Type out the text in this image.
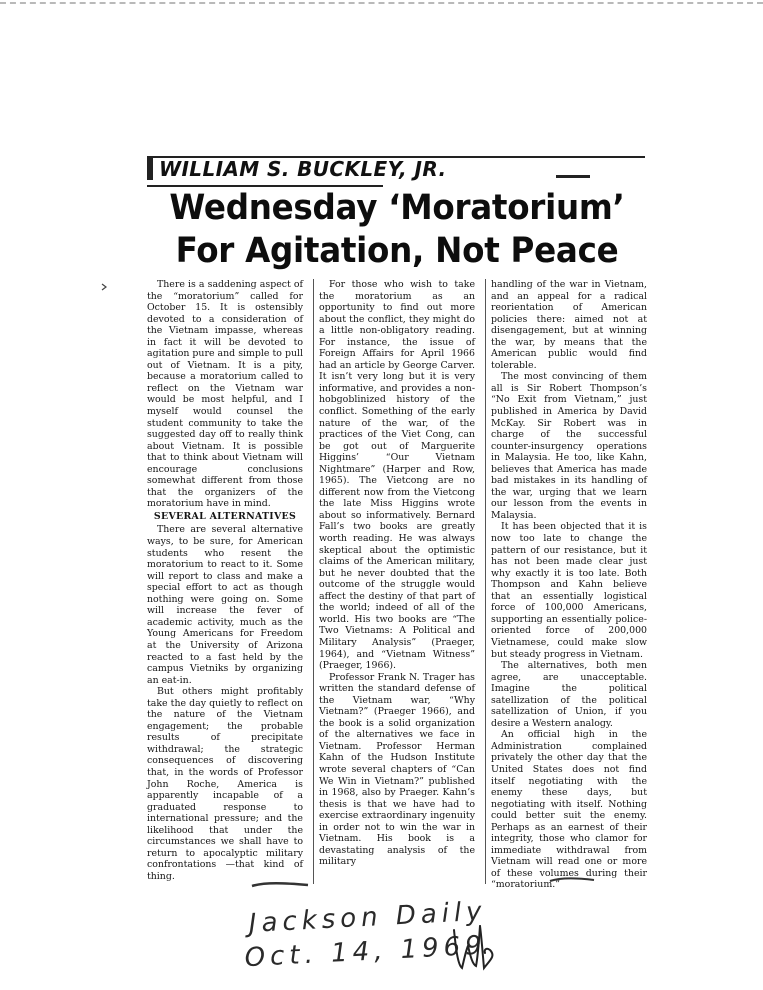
WILLIAM S. BUCKLEY, JR.
Wednesday ‘Moratorium’
For Agitation, Not Peace

There is a saddening aspect of the “moratorium” called for October 15. It is ostensibly devoted to a consideration of the Vietnam impasse, whereas in fact it will be devoted to agitation pure and simple to pull out of Vietnam. It is a pity, because a moratorium called to reflect on the Vietnam war would be most helpful, and I myself would counsel the student community to take the suggested day off to really think about Vietnam. It is possible that to think about Vietnam will encourage conclusions somewhat different from those that the organizers of the moratorium have in mind.

SEVERAL ALTERNATIVES

There are several alternative ways, to be sure, for American students who resent the moratorium to react to it. Some will report to class and make a special effort to act as though nothing were going on. Some will increase the fever of academic activity, much as the Young Americans for Freedom at the University of Arizona reacted to a fast held by the campus Vietniks by organizing an eat-in.

But others might profitably take the day quietly to reflect on the nature of the Vietnam engagement; the probable results of precipitate withdrawal; the strategic consequences of discovering that, in the words of Professor John Roche, America is apparently incapable of a graduated response to international pressure; and the likelihood that under the circumstances we shall have to return to apocalyptic military confrontations —that kind of thing.

For those who wish to take the moratorium as an opportunity to find out more about the conflict, they might do a little non-obligatory reading. For instance, the issue of Foreign Affairs for April 1966 had an article by George Carver. It isn’t very long but it is very informative, and provides a non-hobgoblinized history of the conflict. Something of the early nature of the war, of the practices of the Viet Cong, can be got out of Marguerite Higgins’ “Our Vietnam Nightmare” (Harper and Row, 1965). The Vietcong are no different now from the Vietcong the late Miss Higgins wrote about so informatively. Bernard Fall’s two books are greatly worth reading. He was always skeptical about the optimistic claims of the American military, but he never doubted that the outcome of the struggle would affect the destiny of that part of the world; indeed of all of the world. His two books are “The Two Vietnams: A Political and Military Analysis” (Praeger, 1964), and “Vietnam Witness” (Praeger, 1966).

Professor Frank N. Trager has written the standard defense of the Vietnam war, “Why Vietnam?” (Praeger 1966), and the book is a solid organization of the alternatives we face in Vietnam. Professor Herman Kahn of the Hudson Institute wrote several chapters of “Can We Win in Vietnam?” published in 1968, also by Praeger. Kahn’s thesis is that we have had to exercise extraordinary ingenuity in order not to win the war in Vietnam. His book is a devastating analysis of the military

handling of the war in Vietnam, and an appeal for a radical reorientation of American policies there: aimed not at disengagement, but at winning the war, by means that the American public would find tolerable.

The most convincing of them all is Sir Robert Thompson’s “No Exit from Vietnam,” just published in America by David McKay. Sir Robert was in charge of the successful counter-insurgency operations in Malaysia. He too, like Kahn, believes that America has made bad mistakes in its handling of the war, urging that we learn our lesson from the events in Malaysia.

It has been objected that it is now too late to change the pattern of our resistance, but it has not been made clear just why exactly it is too late. Both Thompson and Kahn believe that an essentially logistical force of 100,000 Americans, supporting an essentially police-oriented force of 200,000 Vietnamese, could make slow but steady progress in Vietnam.

The alternatives, both men agree, are unacceptable. Imagine the political satellization of the political satellization of Union, if you desire a Western analogy.

An official high in the Administration complained privately the other day that the United States does not find itself negotiating with the enemy these days, but negotiating with itself. Nothing could better suit the enemy. Perhaps as an earnest of their integrity, those who clamor for immediate withdrawal from Vietnam will read one or more of these volumes during their “moratorium.”

Jackson Daily
Oct. 14, 1969
